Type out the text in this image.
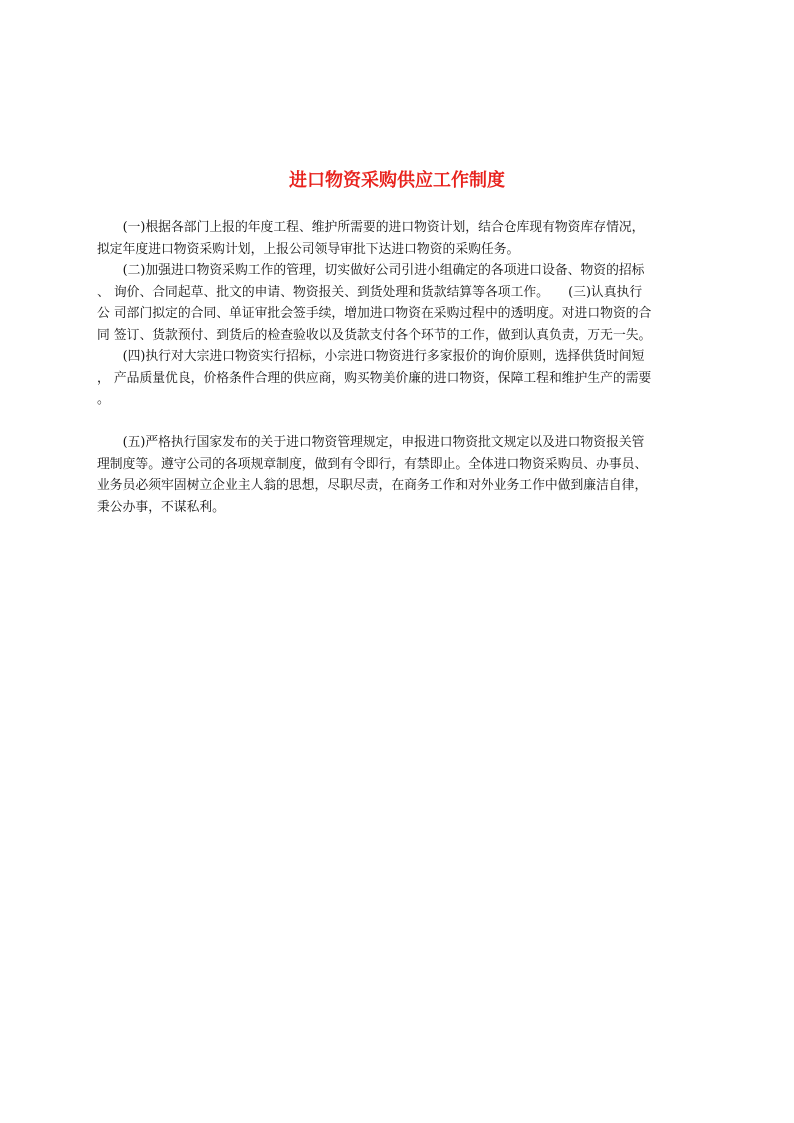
进口物资采购供应工作制度
　　(一)根据各部门上报的年度工程、维护所需要的进口物资计划，结合仓库现有物资库存情况，
拟定年度进口物资采购计划，上报公司领导审批下达进口物资的采购任务。
　　(二)加强进口物资采购工作的管理，切实做好公司引进小组确定的各项进口设备、物资的招标
、 询价、合同起草、批文的申请、物资报关、到货处理和货款结算等各项工作。　　(三)认真执行
公 司部门拟定的合同、单证审批会签手续，增加进口物资在采购过程中的透明度。对进口物资的合
同 签订、货款预付、到货后的检查验收以及货款支付各个环节的工作，做到认真负责，万无一失。
　　(四)执行对大宗进口物资实行招标，小宗进口物资进行多家报价的询价原则，选择供货时间短
， 产品质量优良，价格条件合理的供应商，购买物美价廉的进口物资，保障工程和维护生产的需要
。
　　(五)严格执行国家发布的关于进口物资管理规定，申报进口物资批文规定以及进口物资报关管
理制度等。遵守公司的各项规章制度，做到有令即行，有禁即止。全体进口物资采购员、办事员、
业务员必须牢固树立企业主人翁的思想，尽职尽责，在商务工作和对外业务工作中做到廉洁自律，
秉公办事，不谋私利。
